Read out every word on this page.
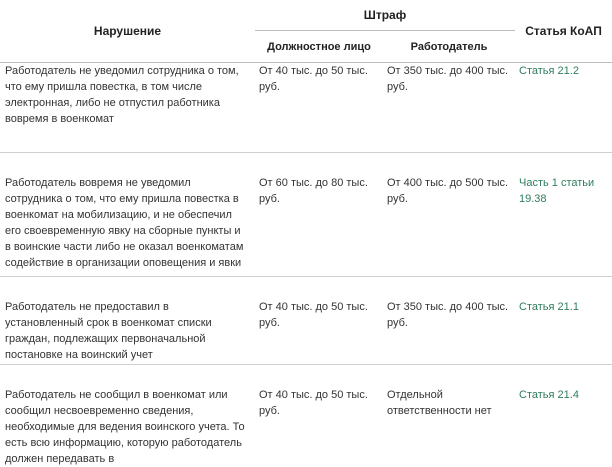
Нарушение	Штраф		Статья КоАП
	Должностное лицо	Работодатель	
Работодатель не уведомил сотрудника о том, что ему пришла повестка, в том числе электронная, либо не отпустил работника вовремя в военкомат	От 40 тыс. до 50 тыс. руб.	От 350 тыс. до 400 тыс. руб.	Статья 21.2
Работодатель вовремя не уведомил сотрудника о том, что ему пришла повестка в военкомат на мобилизацию, и не обеспечил его своевременную явку на сборные пункты и в воинские части либо не оказал военкоматам содействие в организации оповещения и явки	От 60 тыс. до 80 тыс. руб.	От 400 тыс. до 500 тыс. руб.	Часть 1 статьи 19.38
Работодатель не предоставил в установленный срок в военкомат списки граждан, подлежащих первоначальной постановке на воинский учет	От 40 тыс. до 50 тыс. руб.	От 350 тыс. до 400 тыс. руб.	Статья 21.1
Работодатель не сообщил в военкомат или сообщил несвоевременно сведения, необходимые для ведения воинского учета. То есть всю информацию, которую работодатель должен передавать в	От 40 тыс. до 50 тыс. руб.	Отдельной ответственности нет	Статья 21.4
